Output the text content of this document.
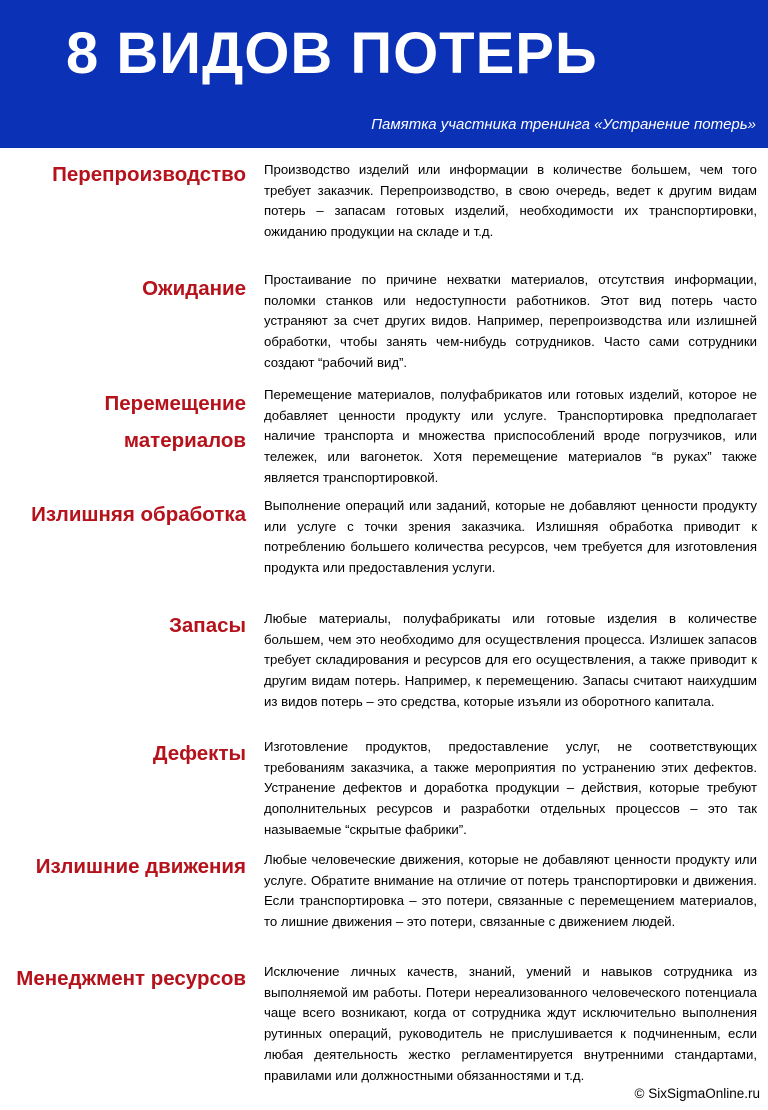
8 ВИДОВ ПОТЕРЬ
Памятка участника тренинга «Устранение потерь»
Перепроизводство Производство изделий или информации в количестве большем, чем того требует заказчик. Перепроизводство, в свою очередь, ведет к другим видам потерь – запасам готовых изделий, необходимости их транспортировки, ожиданию продукции на складе и т.д.
Ожидание Простаивание по причине нехватки материалов, отсутствия информации, поломки станков или недоступности работников. Этот вид потерь часто устраняют за счет других видов. Например, перепроизводства или излишней обработки, чтобы занять чем-нибудь сотрудников. Часто сами сотрудники создают “рабочий вид”.
Перемещение материалов
Перемещение материалов, полуфабрикатов или готовых изделий, которое не добавляет ценности продукту или услуге. Транспортировка предполагает наличие транспорта и множества приспособлений вроде погрузчиков, или тележек, или вагонеток. Хотя перемещение материалов “в руках” также является транспортировкой.
Излишняя обработка Выполнение операций или заданий, которые не добавляют ценности продукту или услуге с точки зрения заказчика. Излишняя обработка приводит к потреблению большего количества ресурсов, чем требуется для изготовления продукта или предоставления услуги.
Запасы Любые материалы, полуфабрикаты или готовые изделия в количестве большем, чем это необходимо для осуществления процесса. Излишек запасов требует складирования и ресурсов для его осуществления, а также приводит к другим видам потерь. Например, к перемещению. Запасы считают наихудшим из видов потерь – это средства, которые изъяли из оборотного капитала.
Дефекты Изготовление продуктов, предоставление услуг, не соответствующих требованиям заказчика, а также мероприятия по устранению этих дефектов. Устранение дефектов и доработка продукции – действия, которые требуют дополнительных ресурсов и разработки отдельных процессов – это так называемые “скрытые фабрики”.
Излишние движения Любые человеческие движения, которые не добавляют ценности продукту или услуге. Обратите внимание на отличие от потерь транспортировки и движения. Если транспортировка – это потери, связанные с перемещением материалов, то лишние движения – это потери, связанные с движением людей.
Менеджмент ресурсов Исключение личных качеств, знаний, умений и навыков сотрудника из выполняемой им работы. Потери нереализованного человеческого потенциала чаще всего возникают, когда от сотрудника ждут исключительно выполнения рутинных операций, руководитель не прислушивается к подчиненным, если любая деятельность жестко регламентируется внутренними стандартами, правилами или должностными обязанностями и т.д.
© SixSigmaOnline.ru
